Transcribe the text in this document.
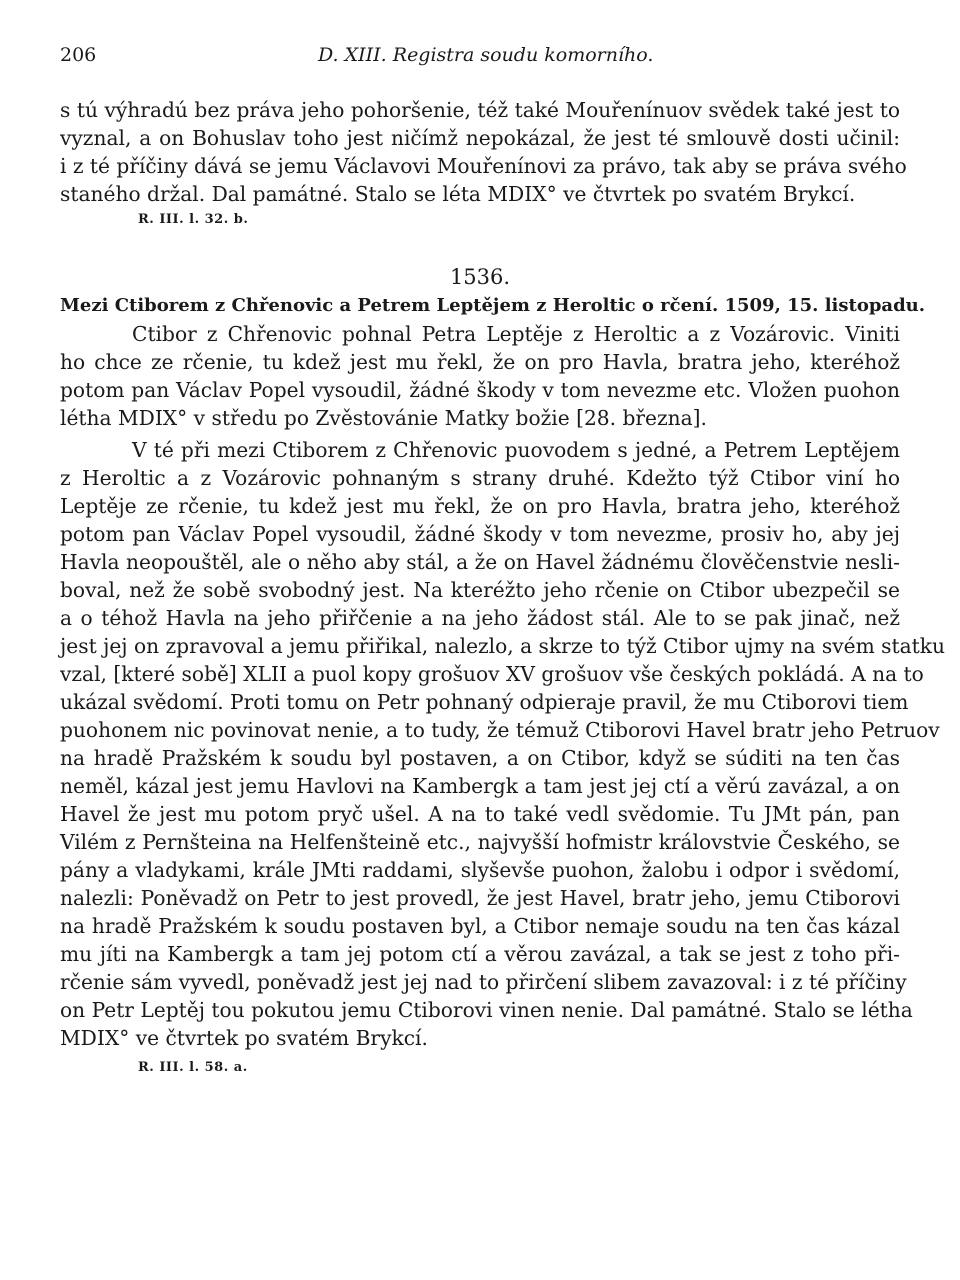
206	D. XIII. Registra soudu komorního.
s tú výhradú bez práva jeho pohoršenie, též také Mouřenínuov svědek také jest to
vyznal, a on Bohuslav toho jest ničímž nepokázal, že jest té smlouvě dosti učinil:
i z té příčiny dává se jemu Václavovi Mouřenínovi za právo, tak aby se práva svého
staného držal. Dal památné. Stalo se léta MDIX° ve čtvrtek po svatém Brykcí.
R. III. l. 32. b.
1536.
Mezi Ctiborem z Chřenovic a Petrem Leptějem z Heroltic o rčení. 1509, 15. listopadu.
Ctibor z Chřenovic pohnal Petra Leptěje z Heroltic a z Vozárovic. Viniti
ho chce ze rčenie, tu kdež jest mu řekl, že on pro Havla, bratra jeho, kteréhož
potom pan Václav Popel vysoudil, žádné škody v tom nevezme etc. Vložen puohon
létha MDIX° v středu po Zvěstovánie Matky božie [28. března].
V té při mezi Ctiborem z Chřenovic puovodem s jedné, a Petrem Leptějem
z Heroltic a z Vozárovic pohnaným s strany druhé. Kdežto týž Ctibor viní ho
Leptěje ze rčenie, tu kdež jest mu řekl, že on pro Havla, bratra jeho, kteréhož
potom pan Václav Popel vysoudil, žádné škody v tom nevezme, prosiv ho, aby jej
Havla neopouštěl, ale o něho aby stál, a že on Havel žádnému člověčenstvie nesli-
boval, než že sobě svobodný jest. Na kteréžto jeho rčenie on Ctibor ubezpečil se
a o téhož Havla na jeho přiřčenie a na jeho žádost stál. Ale to se pak jinač, než
jest jej on zpravoval a jemu přiřikal, nalezlo, a skrze to týž Ctibor ujmy na svém statku
vzal, [které sobě] XLII a puol kopy grošuov XV grošuov vše českých pokládá. A na to
ukázal svědomí. Proti tomu on Petr pohnaný odpieraje pravil, že mu Ctiborovi tiem
puohonem nic povinovat nenie, a to tudy, že témuž Ctiborovi Havel bratr jeho Petruov
na hradě Pražském k soudu byl postaven, a on Ctibor, když se súditi na ten čas
neměl, kázal jest jemu Havlovi na Kambergk a tam jest jej ctí a věrú zavázal, a on
Havel že jest mu potom pryč ušel. A na to také vedl svědomie. Tu JMt pán, pan
Vilém z Pernšteina na Helfenšteině etc., najvyšší hofmistr královstvie Českého, se
pány a vladykami, krále JMti raddami, slyševše puohon, žalobu i odpor i svědomí,
nalezli: Poněvadž on Petr to jest provedl, že jest Havel, bratr jeho, jemu Ctiborovi
na hradě Pražském k soudu postaven byl, a Ctibor nemaje soudu na ten čas kázal
mu jíti na Kambergk a tam jej potom ctí a věrou zavázal, a tak se jest z toho při-
rčenie sám vyvedl, poněvadž jest jej nad to přirčení slibem zavazoval: i z té příčiny
on Petr Leptěj tou pokutou jemu Ctiborovi vinen nenie. Dal památné. Stalo se létha
MDIX° ve čtvrtek po svatém Brykcí.
R. III. l. 58. a.
